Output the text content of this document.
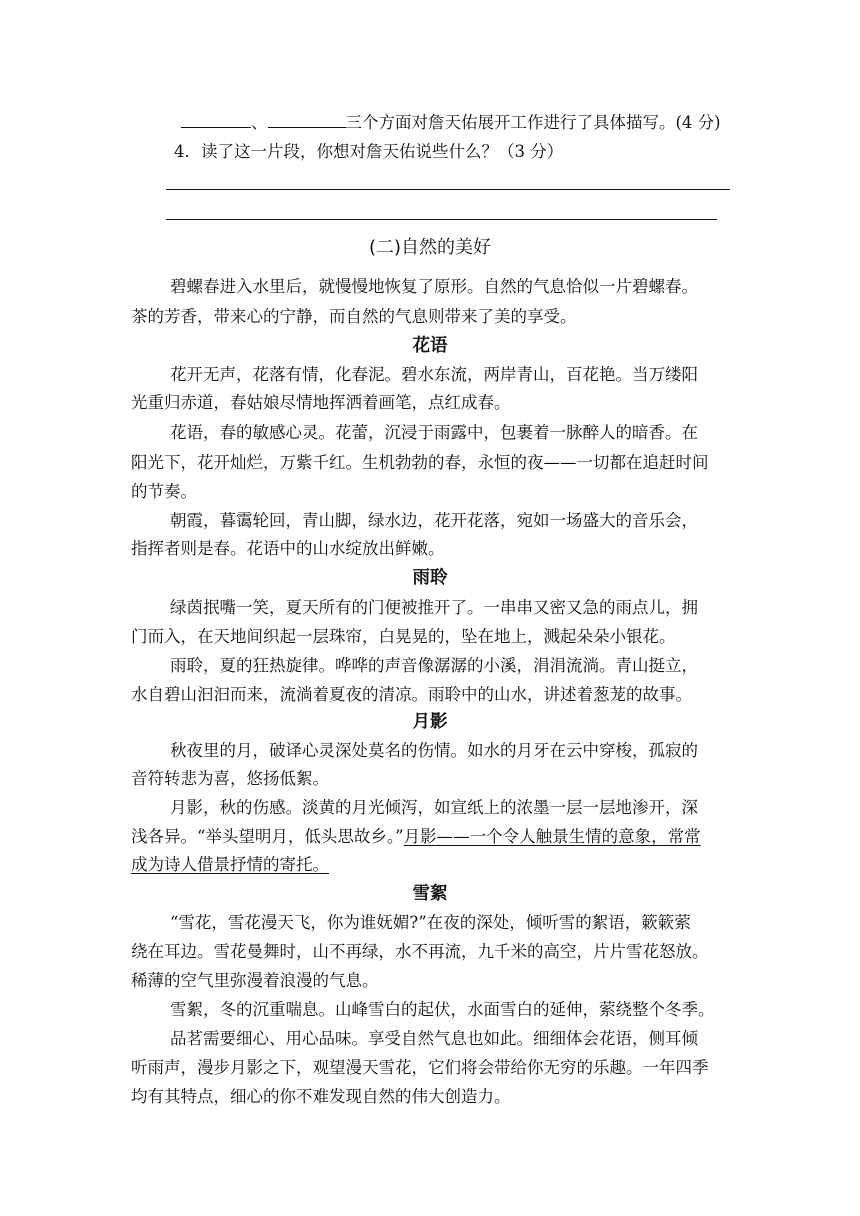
、	三个方面对詹天佑展开工作进行了具体描写。(4 分)
4．读了这一片段，你想对詹天佑说些什么？（3 分）
(二)自然的美好
碧螺春进入水里后，就慢慢地恢复了原形。自然的气息恰似一片碧螺春。
茶的芳香，带来心的宁静，而自然的气息则带来了美的享受。
花语
花开无声，花落有情，化春泥。碧水东流，两岸青山，百花艳。当万缕阳
光重归赤道，春姑娘尽情地挥洒着画笔，点红成春。
花语，春的敏感心灵。花蕾，沉浸于雨露中，包裹着一脉醉人的暗香。在
阳光下，花开灿烂，万紫千红。生机勃勃的春，永恒的夜——一切都在追赶时间
的节奏。
朝霞，暮霭轮回，青山脚，绿水边，花开花落，宛如一场盛大的音乐会，
指挥者则是春。花语中的山水绽放出鲜嫩。
雨聆
绿茵抿嘴一笑，夏天所有的门便被推开了。一串串又密又急的雨点儿，拥
门而入，在天地间织起一层珠帘，白晃晃的，坠在地上，溅起朵朵小银花。
雨聆，夏的狂热旋律。哗哗的声音像潺潺的小溪，涓涓流淌。青山挺立，
水自碧山汩汩而来，流淌着夏夜的清凉。雨聆中的山水，讲述着葱茏的故事。
月影
秋夜里的月，破译心灵深处莫名的伤情。如水的月牙在云中穿梭，孤寂的
音符转悲为喜，悠扬低絮。
月影，秋的伤感。淡黄的月光倾泻，如宣纸上的浓墨一层一层地渗开，深
浅各异。“举头望明月，低头思故乡。”月影——一个令人触景生情的意象，常常
成为诗人借景抒情的寄托。
雪絮
“雪花，雪花漫天飞，你为谁妩媚?”在夜的深处，倾听雪的絮语，簌簌萦
绕在耳边。雪花曼舞时，山不再绿，水不再流，九千米的高空，片片雪花怒放。
稀薄的空气里弥漫着浪漫的气息。
雪絮，冬的沉重喘息。山峰雪白的起伏，水面雪白的延伸，萦绕整个冬季。
品茗需要细心、用心品味。享受自然气息也如此。细细体会花语，侧耳倾
听雨声，漫步月影之下，观望漫天雪花，它们将会带给你无穷的乐趣。一年四季
均有其特点，细心的你不难发现自然的伟大创造力。
